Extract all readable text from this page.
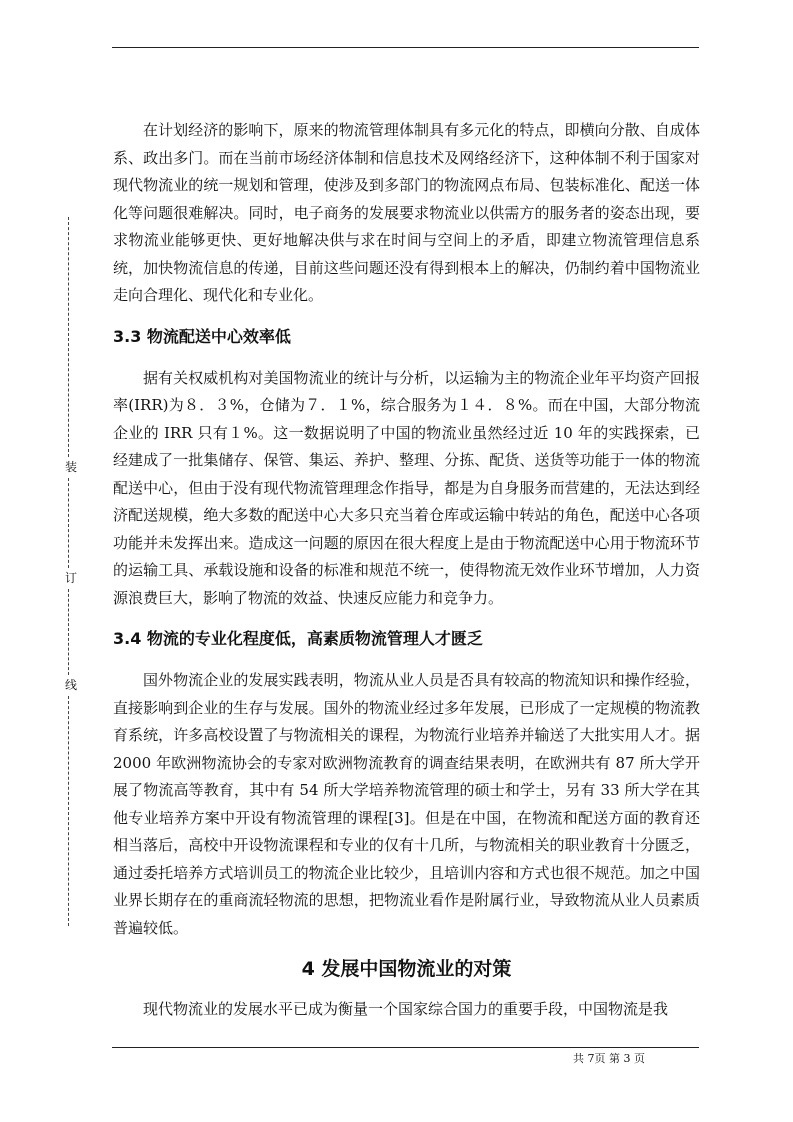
装
订
线

在计划经济的影响下，原来的物流管理体制具有多元化的特点，即横向分散、自成体系、政出多门。而在当前市场经济体制和信息技术及网络经济下，这种体制不利于国家对现代物流业的统一规划和管理，使涉及到多部门的物流网点布局、包装标准化、配送一体化等问题很难解决。同时，电子商务的发展要求物流业以供需方的服务者的姿态出现，要求物流业能够更快、更好地解决供与求在时间与空间上的矛盾，即建立物流管理信息系统，加快物流信息的传递，目前这些问题还没有得到根本上的解决，仍制约着中国物流业走向合理化、现代化和专业化。

3.3 物流配送中心效率低

据有关权威机构对美国物流业的统计与分析，以运输为主的物流企业年平均资产回报率(IRR)为８．３%，仓储为７．１%，综合服务为１４．８%。而在中国，大部分物流企业的 IRR 只有１%。这一数据说明了中国的物流业虽然经过近 10 年的实践探索，已经建成了一批集储存、保管、集运、养护、整理、分拣、配货、送货等功能于一体的物流配送中心，但由于没有现代物流管理理念作指导，都是为自身服务而营建的，无法达到经济配送规模，绝大多数的配送中心大多只充当着仓库或运输中转站的角色，配送中心各项功能并未发挥出来。造成这一问题的原因在很大程度上是由于物流配送中心用于物流环节的运输工具、承载设施和设备的标准和规范不统一，使得物流无效作业环节增加，人力资源浪费巨大，影响了物流的效益、快速反应能力和竞争力。

3.4 物流的专业化程度低，高素质物流管理人才匮乏

国外物流企业的发展实践表明，物流从业人员是否具有较高的物流知识和操作经验，直接影响到企业的生存与发展。国外的物流业经过多年发展，已形成了一定规模的物流教育系统，许多高校设置了与物流相关的课程，为物流行业培养并输送了大批实用人才。据 2000 年欧洲物流协会的专家对欧洲物流教育的调查结果表明，在欧洲共有 87 所大学开展了物流高等教育，其中有 54 所大学培养物流管理的硕士和学士，另有 33 所大学在其他专业培养方案中开设有物流管理的课程[3]。但是在中国，在物流和配送方面的教育还相当落后，高校中开设物流课程和专业的仅有十几所，与物流相关的职业教育十分匮乏，通过委托培养方式培训员工的物流企业比较少，且培训内容和方式也很不规范。加之中国业界长期存在的重商流轻物流的思想，把物流业看作是附属行业，导致物流从业人员素质普遍较低。

4 发展中国物流业的对策

现代物流业的发展水平已成为衡量一个国家综合国力的重要手段，中国物流是我

共 7页 第 3 页
